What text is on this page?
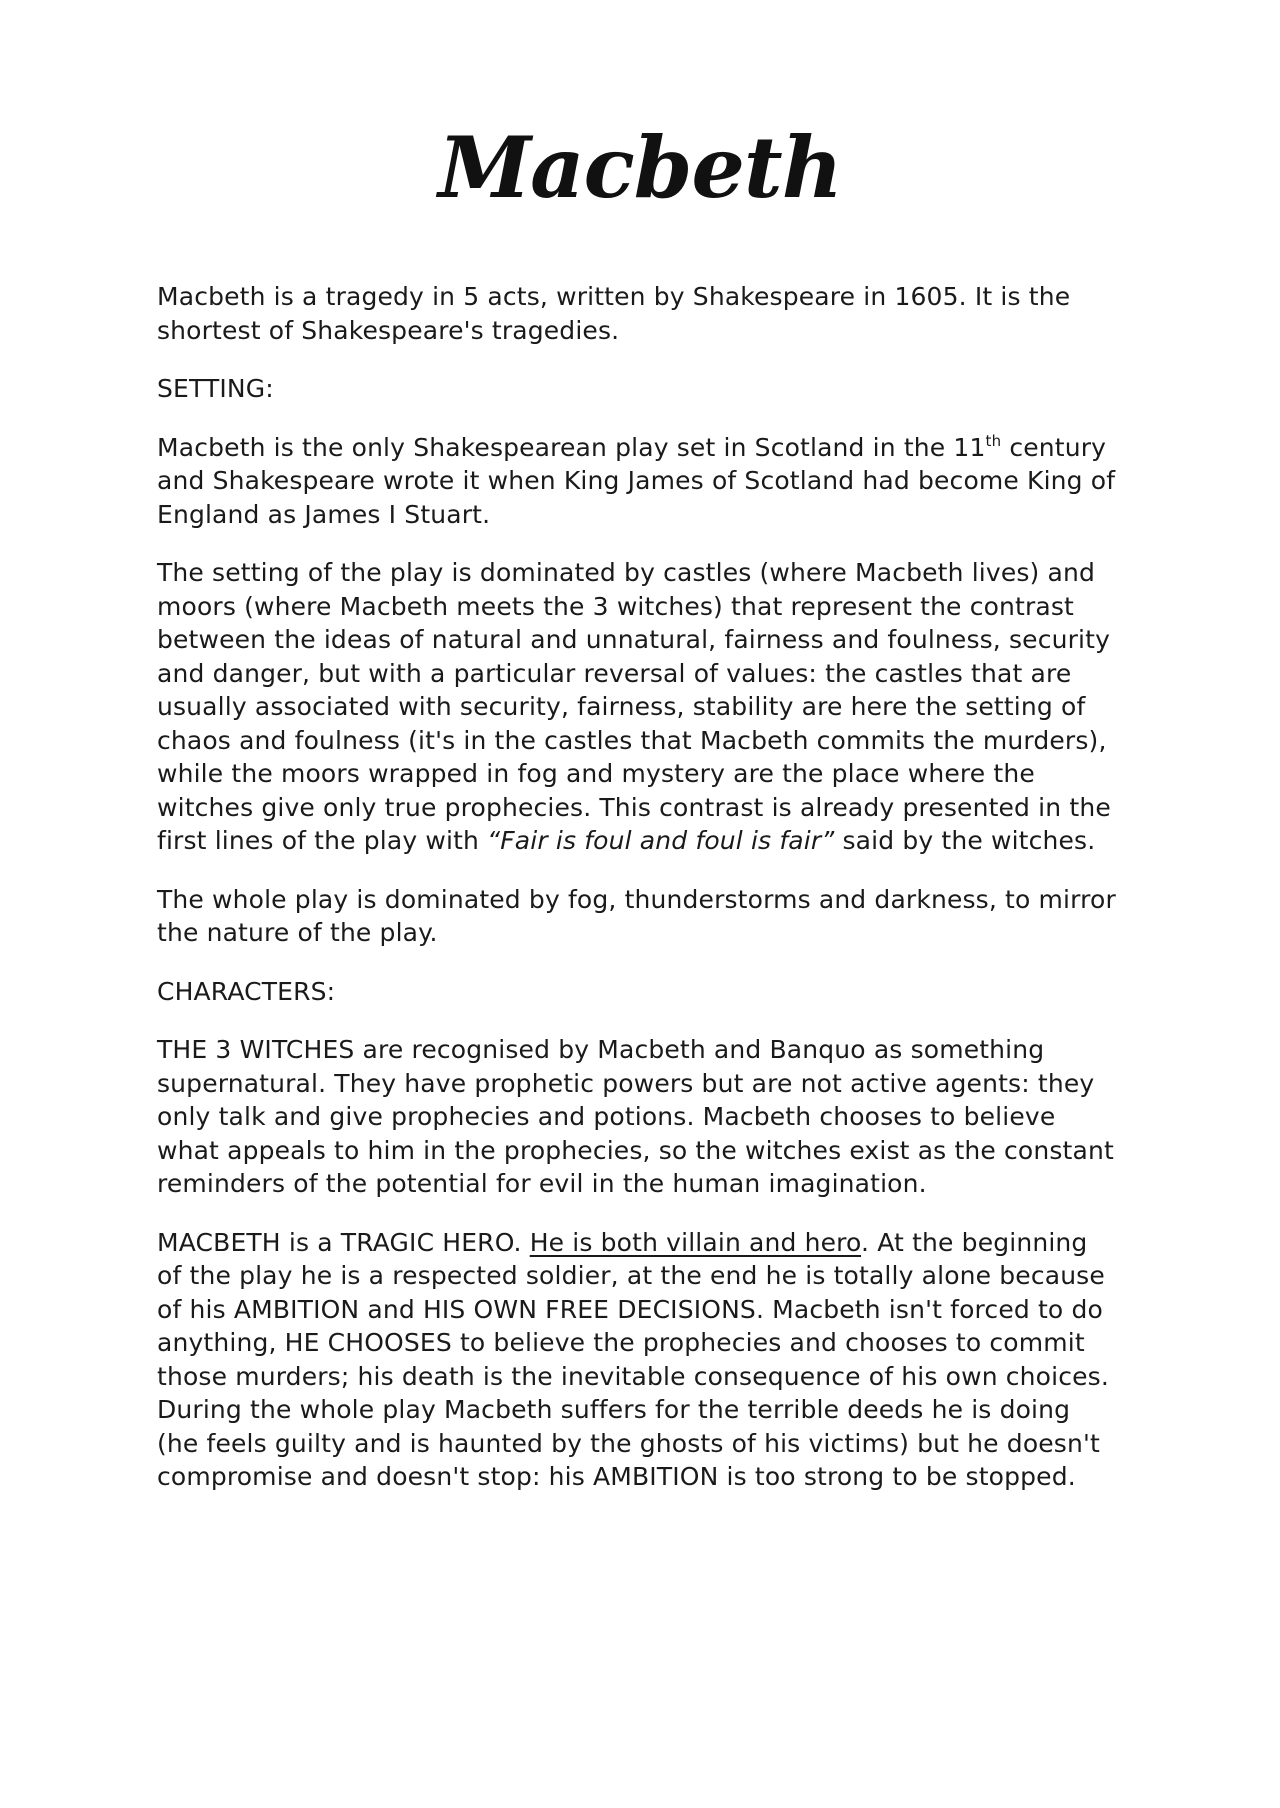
Macbeth

Macbeth is a tragedy in 5 acts, written by Shakespeare in 1605. It is the shortest of Shakespeare's tragedies.

SETTING:

Macbeth is the only Shakespearean play set in Scotland in the 11th century and Shakespeare wrote it when King James of Scotland had become King of England as James I Stuart.

The setting of the play is dominated by castles (where Macbeth lives) and moors (where Macbeth meets the 3 witches) that represent the contrast between the ideas of natural and unnatural, fairness and foulness, security and danger, but with a particular reversal of values: the castles that are usually associated with security, fairness, stability are here the setting of chaos and foulness (it's in the castles that Macbeth commits the murders), while the moors wrapped in fog and mystery are the place where the witches give only true prophecies. This contrast is already presented in the first lines of the play with “Fair is foul and foul is fair” said by the witches.

The whole play is dominated by fog, thunderstorms and darkness, to mirror the nature of the play.

CHARACTERS:

THE 3 WITCHES are recognised by Macbeth and Banquo as something supernatural. They have prophetic powers but are not active agents: they only talk and give prophecies and potions. Macbeth chooses to believe what appeals to him in the prophecies, so the witches exist as the constant reminders of the potential for evil in the human imagination.

MACBETH is a TRAGIC HERO. He is both villain and hero. At the beginning of the play he is a respected soldier, at the end he is totally alone because of his AMBITION and HIS OWN FREE DECISIONS. Macbeth isn't forced to do anything, HE CHOOSES to believe the prophecies and chooses to commit those murders; his death is the inevitable consequence of his own choices. During the whole play Macbeth suffers for the terrible deeds he is doing (he feels guilty and is haunted by the ghosts of his victims) but he doesn't compromise and doesn't stop: his AMBITION is too strong to be stopped.
